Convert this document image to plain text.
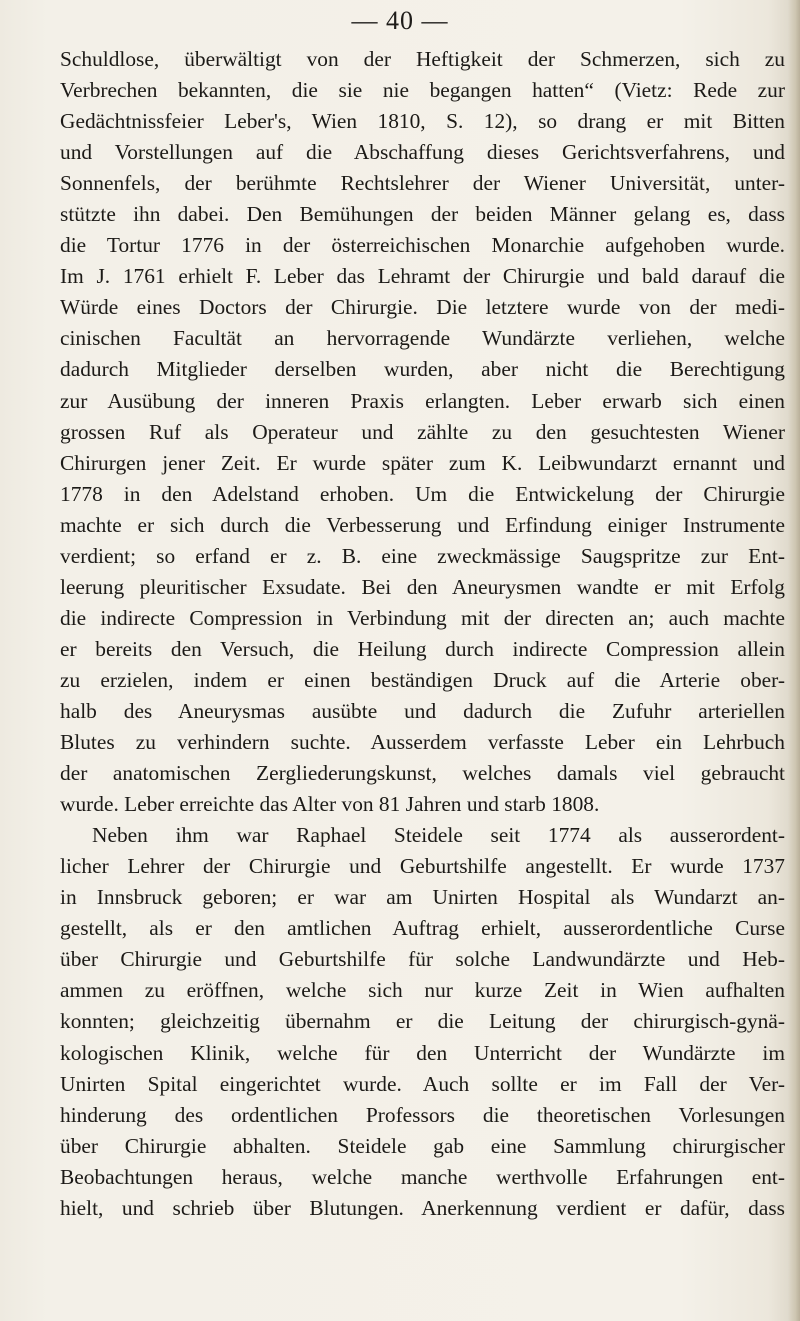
— 40 —
Schuldlose, überwältigt von der Heftigkeit der Schmerzen, sich zu
Verbrechen bekannten, die sie nie begangen hatten“ (Vietz: Rede zur
Gedächtnissfeier Leber's, Wien 1810, S. 12), so drang er mit Bitten
und Vorstellungen auf die Abschaffung dieses Gerichtsverfahrens, und
Sonnenfels, der berühmte Rechtslehrer der Wiener Universität, unter-
stützte ihn dabei. Den Bemühungen der beiden Männer gelang es, dass
die Tortur 1776 in der österreichischen Monarchie aufgehoben wurde.
Im J. 1761 erhielt F. Leber das Lehramt der Chirurgie und bald darauf die
Würde eines Doctors der Chirurgie. Die letztere wurde von der medi-
cinischen Facultät an hervorragende Wundärzte verliehen, welche
dadurch Mitglieder derselben wurden, aber nicht die Berechtigung
zur Ausübung der inneren Praxis erlangten. Leber erwarb sich einen
grossen Ruf als Operateur und zählte zu den gesuchtesten Wiener
Chirurgen jener Zeit. Er wurde später zum K. Leibwundarzt ernannt und
1778 in den Adelstand erhoben. Um die Entwickelung der Chirurgie
machte er sich durch die Verbesserung und Erfindung einiger Instrumente
verdient; so erfand er z. B. eine zweckmässige Saugspritze zur Ent-
leerung pleuritischer Exsudate. Bei den Aneurysmen wandte er mit Erfolg
die indirecte Compression in Verbindung mit der directen an; auch machte
er bereits den Versuch, die Heilung durch indirecte Compression allein
zu erzielen, indem er einen beständigen Druck auf die Arterie ober-
halb des Aneurysmas ausübte und dadurch die Zufuhr arteriellen
Blutes zu verhindern suchte. Ausserdem verfasste Leber ein Lehrbuch
der anatomischen Zergliederungskunst, welches damals viel gebraucht
wurde. Leber erreichte das Alter von 81 Jahren und starb 1808.
Neben ihm war Raphael Steidele seit 1774 als ausserordent-
licher Lehrer der Chirurgie und Geburtshilfe angestellt. Er wurde 1737
in Innsbruck geboren; er war am Unirten Hospital als Wundarzt an-
gestellt, als er den amtlichen Auftrag erhielt, ausserordentliche Curse
über Chirurgie und Geburtshilfe für solche Landwundärzte und Heb-
ammen zu eröffnen, welche sich nur kurze Zeit in Wien aufhalten
konnten; gleichzeitig übernahm er die Leitung der chirurgisch-gynä-
kologischen Klinik, welche für den Unterricht der Wundärzte im
Unirten Spital eingerichtet wurde. Auch sollte er im Fall der Ver-
hinderung des ordentlichen Professors die theoretischen Vorlesungen
über Chirurgie abhalten. Steidele gab eine Sammlung chirurgischer
Beobachtungen heraus, welche manche werthvolle Erfahrungen ent-
hielt, und schrieb über Blutungen. Anerkennung verdient er dafür, dass
